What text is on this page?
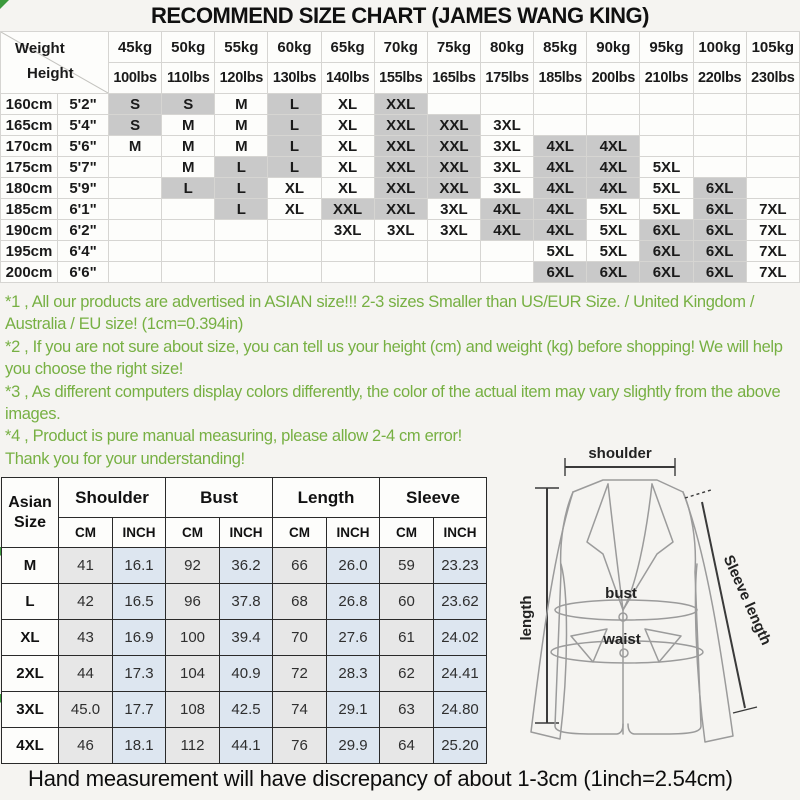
RECOMMEND SIZE CHART (JAMES WANG KING)
Weight
Height		45kg	50kg	55kg	60kg	65kg	70kg	75kg	80kg	85kg	90kg	95kg	100kg	105kg
		100lbs	110lbs	120lbs	130lbs	140lbs	155lbs	165lbs	175lbs	185lbs	200lbs	210lbs	220lbs	230lbs
160cm	5'2"	S	S	M	L	XL	XXL							
165cm	5'4"	S	M	M	L	XL	XXL	XXL	3XL					
170cm	5'6"	M	M	M	L	XL	XXL	XXL	3XL	4XL	4XL			
175cm	5'7"		M	L	L	XL	XXL	XXL	3XL	4XL	4XL	5XL		
180cm	5'9"		L	L	XL	XL	XXL	XXL	3XL	4XL	4XL	5XL	6XL	
185cm	6'1"			L	XL	XXL	XXL	3XL	4XL	4XL	5XL	5XL	6XL	7XL
190cm	6'2"					3XL	3XL	3XL	4XL	4XL	5XL	6XL	6XL	7XL
195cm	6'4"									5XL	5XL	6XL	6XL	7XL
200cm	6'6"									6XL	6XL	6XL	6XL	7XL

*1 , All our products are advertised in ASIAN size!!! 2-3 sizes Smaller than US/EUR Size. / United Kingdom / Australia / EU size! (1cm=0.394in)

*2 , If you are not sure about size, you can tell us your height (cm) and weight (kg) before shopping! We will help you choose the right size!

*3 , As different computers display colors differently, the color of the actual item may vary slightly from the above images.

*4 , Product is pure manual measuring, please allow 2-4 cm error!

Thank you for your understanding!

Asian
Size	Shoulder		Bust		Length		Sleeve	
	CM	INCH	CM	INCH	CM	INCH	CM	INCH
M	41	16.1	92	36.2	66	26.0	59	23.23
L	42	16.5	96	37.8	68	26.8	60	23.62
XL	43	16.9	100	39.4	70	27.6	61	24.02
2XL	44	17.3	104	40.9	72	28.3	62	24.41
3XL	45.0	17.7	108	42.5	74	29.1	63	24.80
4XL	46	18.1	112	44.1	76	29.9	64	25.20
shoulder
length
bust
waist	Sleeve length
Hand measurement will have discrepancy of about 1-3cm (1inch=2.54cm)
